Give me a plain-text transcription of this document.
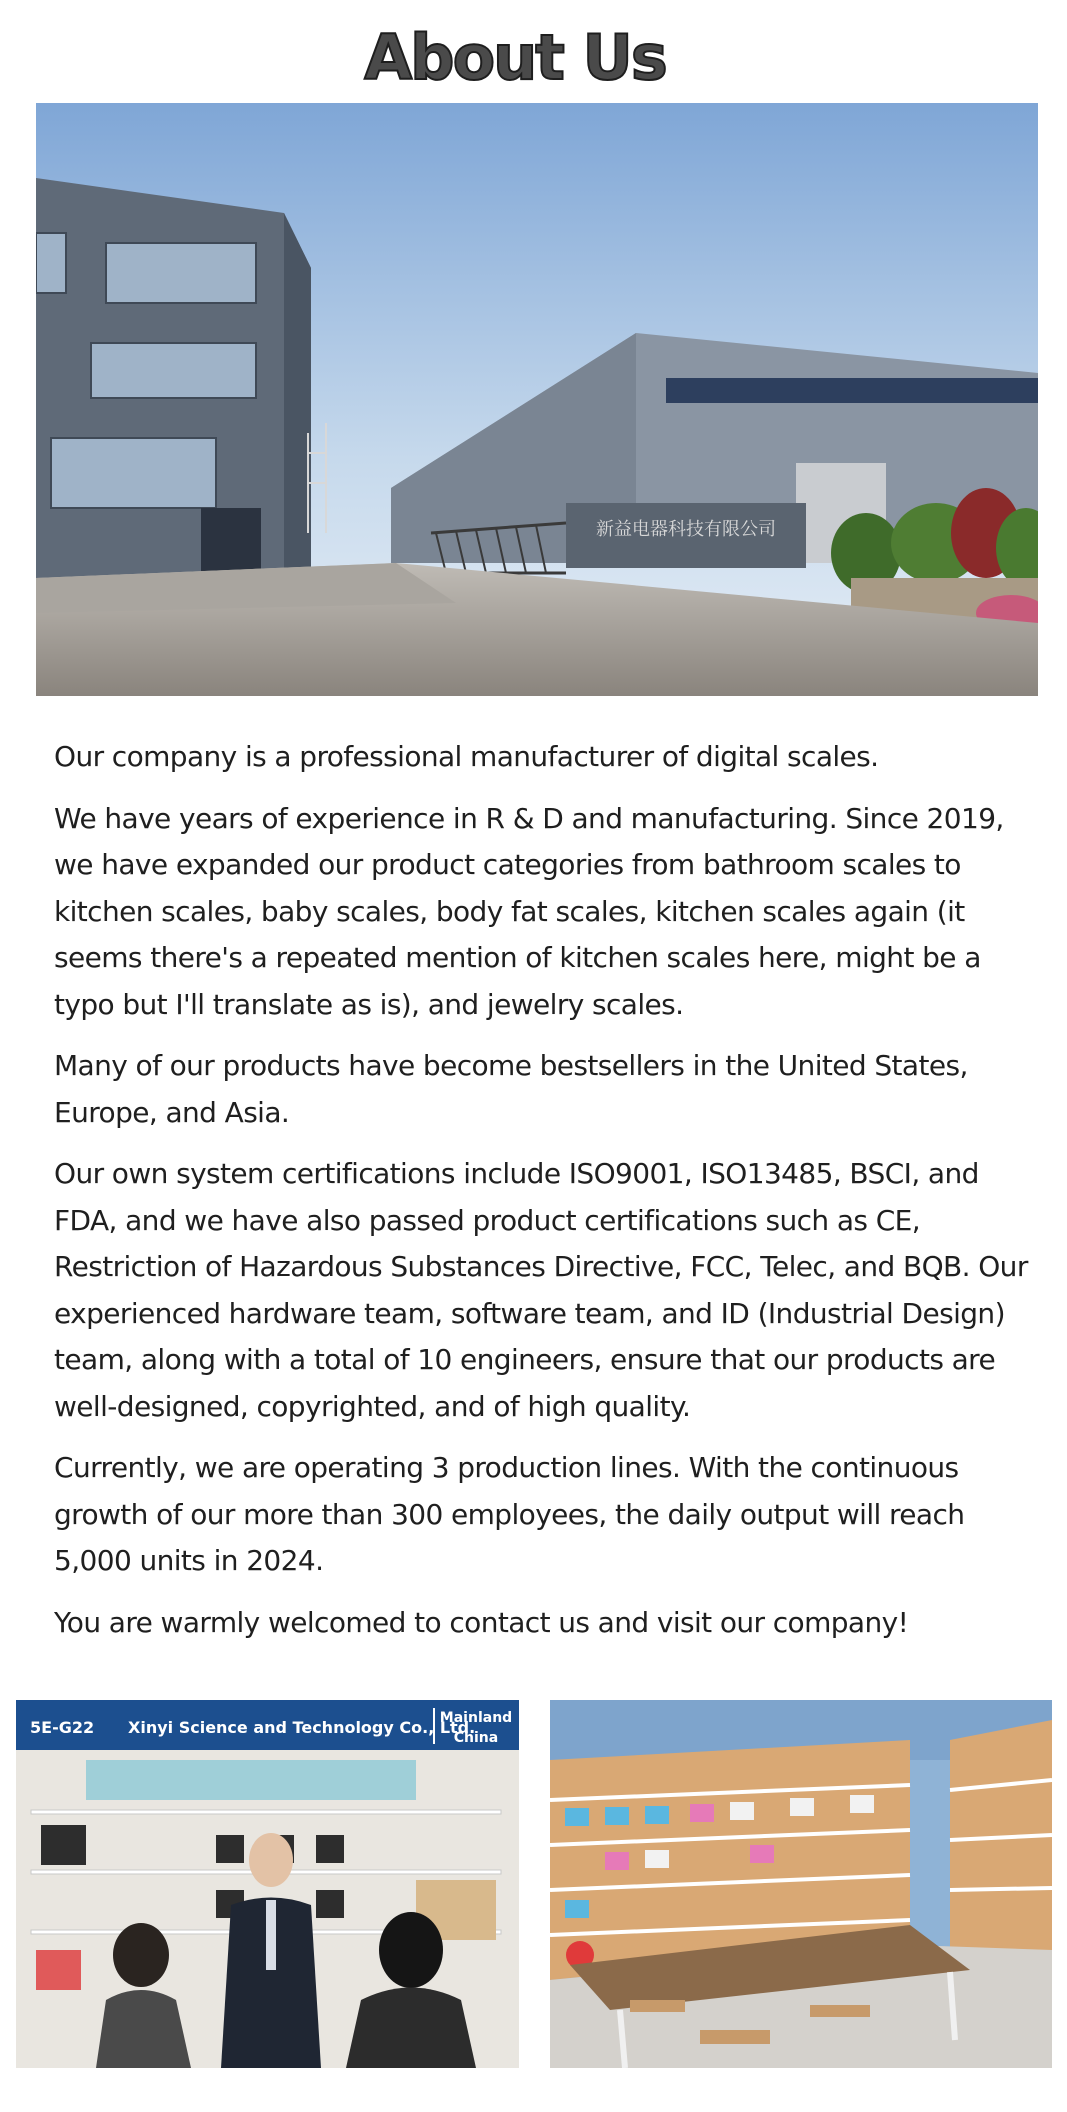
About Us
新益电器科技有限公司

Our company is a professional manufacturer of digital scales.

We have years of experience in R & D and manufacturing. Since 2019, we have expanded our product categories from bathroom scales to kitchen scales, baby scales, body fat scales, kitchen scales again (it seems there's a repeated mention of kitchen scales here, might be a typo but I'll translate as is), and jewelry scales.

Many of our products have become bestsellers in the United States, Europe, and Asia.

Our own system certifications include ISO9001, ISO13485, BSCI, and FDA, and we have also passed product certifications such as CE, Restriction of Hazardous Substances Directive, FCC, Telec, and BQB. Our experienced hardware team, software team, and ID (Industrial Design) team, along with a total of 10 engineers, ensure that our products are well-designed, copyrighted, and of high quality.

Currently, we are operating 3 production lines. With the continuous growth of our more than 300 employees, the daily output will reach 5,000 units in 2024.

You are warmly welcomed to contact us and visit our company!

5E-G22 Xinyi Science and Technology Co., Ltd.
Mainland
China
